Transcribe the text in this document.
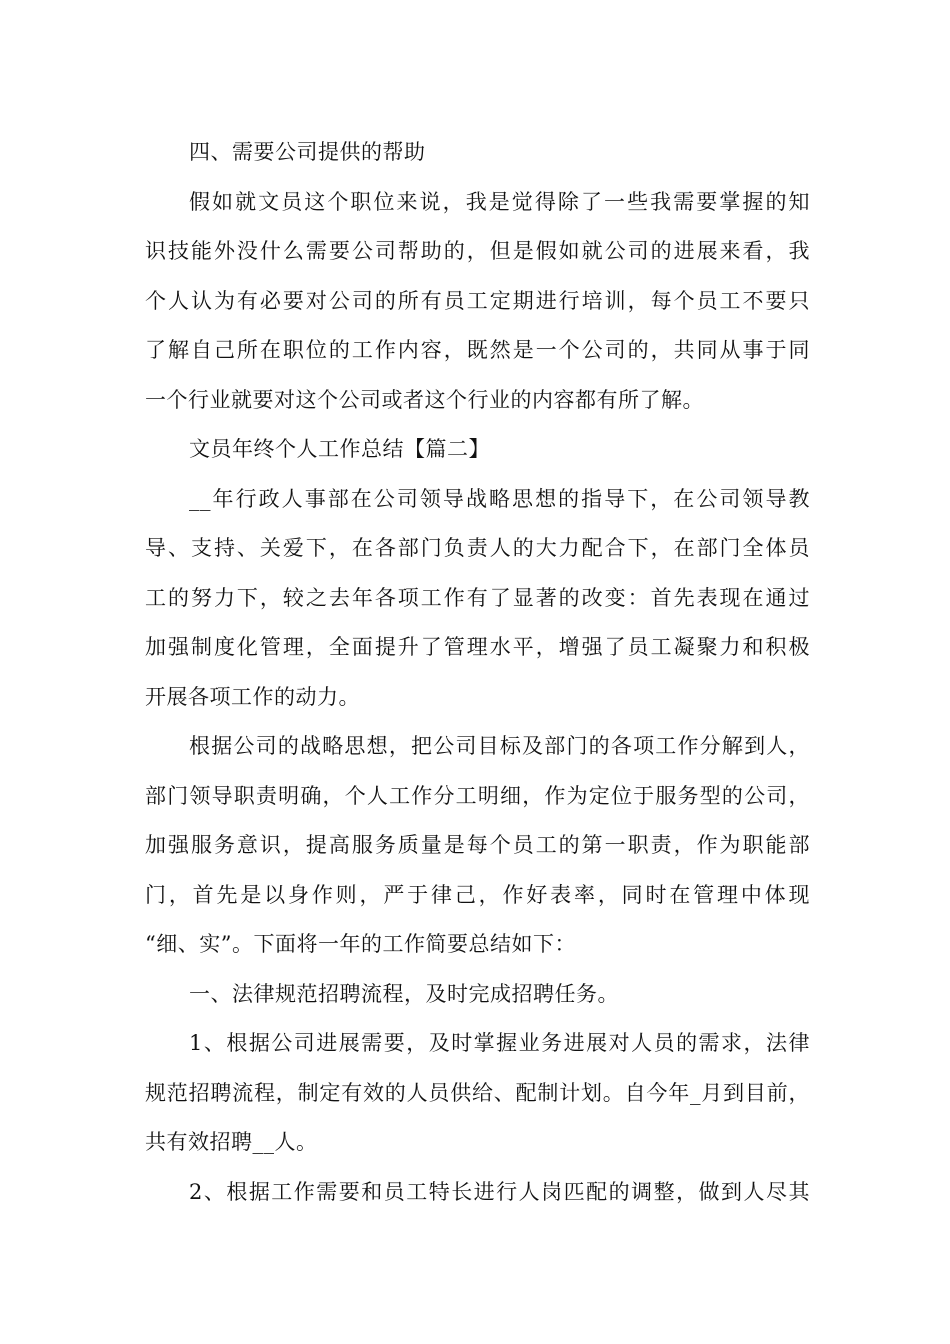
四、需要公司提供的帮助
假如就文员这个职位来说，我是觉得除了一些我需要掌握的知
识技能外没什么需要公司帮助的，但是假如就公司的进展来看，我
个人认为有必要对公司的所有员工定期进行培训，每个员工不要只
了解自己所在职位的工作内容，既然是一个公司的，共同从事于同
一个行业就要对这个公司或者这个行业的内容都有所了解。
文员年终个人工作总结【篇二】
__年行政人事部在公司领导战略思想的指导下，在公司领导教
导、支持、关爱下，在各部门负责人的大力配合下，在部门全体员
工的努力下，较之去年各项工作有了显著的改变：首先表现在通过
加强制度化管理，全面提升了管理水平，增强了员工凝聚力和积极
开展各项工作的动力。
根据公司的战略思想，把公司目标及部门的各项工作分解到人，
部门领导职责明确，个人工作分工明细，作为定位于服务型的公司，
加强服务意识，提高服务质量是每个员工的第一职责，作为职能部
门，首先是以身作则，严于律己，作好表率，同时在管理中体现
“细、实”。下面将一年的工作简要总结如下：
一、法律规范招聘流程，及时完成招聘任务。
1、根据公司进展需要，及时掌握业务进展对人员的需求，法律
规范招聘流程，制定有效的人员供给、配制计划。自今年_月到目前，
共有效招聘__人。
2、根据工作需要和员工特长进行人岗匹配的调整，做到人尽其
